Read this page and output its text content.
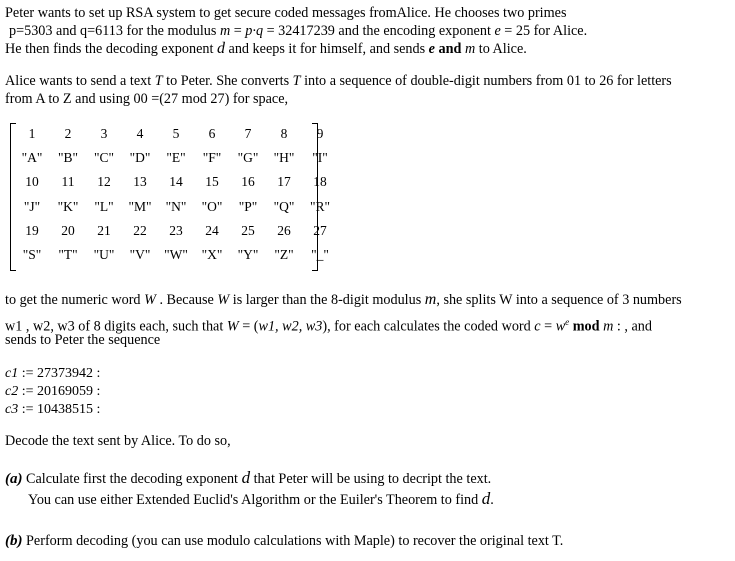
Peter wants to set up RSA system to get secure coded messages fromAlice. He chooses two primes
p=5303 and q=6113 for the modulus m = p·q = 32417239 and the encoding exponent e = 25 for Alice.
He then finds the decoding exponent d and keeps it for himself, and sends e and m to Alice.
Alice wants to send a text T to Peter. She converts T into a sequence of double-digit numbers from 01 to 26 for letters
from A to Z and using 00 =(27 mod 27) for space,
1	2	3	4	5	6	7	8	9
"A"	"B"	"C"	"D"	"E"	"F"	"G"	"H"	"I"
10	11	12	13	14	15	16	17	18
"J"	"K"	"L"	"M"	"N"	"O"	"P"	"Q"	"R"
19	20	21	22	23	24	25	26	27
"S"	"T"	"U"	"V"	"W"	"X"	"Y"	"Z"	"_"
to get the numeric word W . Because W is larger than the 8-digit modulus m, she splits W into a sequence of 3 numbers
w1 , w2, w3 of 8 digits each, such that W = (w1, w2, w3), for each calculates the coded word $c = w^e$ mod m : , and
sends to Peter the sequence
c1 := 27373942 :
c2 := 20169059 :
c3 := 10438515 :
Decode the text sent by Alice. To do so,
(a) Calculate first the decoding exponent d that Peter will be using to decript the text.
You can use either Extended Euclid's Algorithm or the Euiler's Theorem to find d.
(b) Perform decoding (you can use modulo calculations with Maple) to recover the original text T.
